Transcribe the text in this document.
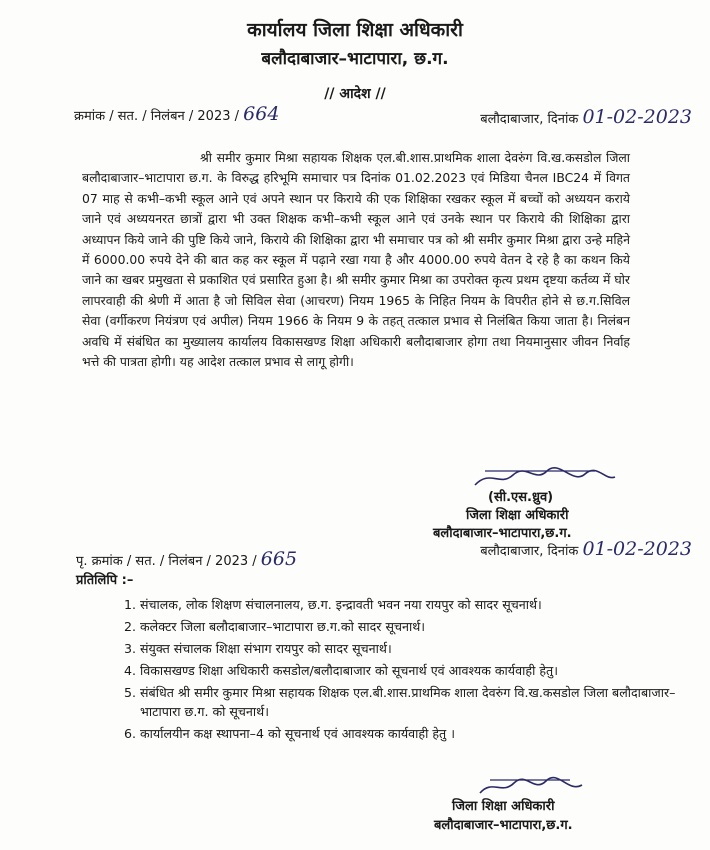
कार्यालय जिला शिक्षा अधिकारी
बलौदाबाजार–भाटापारा, छ.ग.
// आदेश //
क्रमांक / सत. / निलंबन / 2023 / 664	बलौदाबाजार, दिनांक 01-02-2023

श्री समीर कुमार मिश्रा सहायक शिक्षक एल.बी.शास.प्राथमिक शाला देवरुंग वि.ख.कसडोल जिला बलौदाबाजार–भाटापारा छ.ग. के विरुद्ध हरिभूमि समाचार पत्र दिनांक 01.02.2023 एवं मिडिया चैनल IBC24 में विगत 07 माह से कभी–कभी स्कूल आने एवं अपने स्थान पर किराये की एक शिक्षिका रखकर स्कूल में बच्चों को अध्ययन कराये जाने एवं अध्ययनरत छात्रों द्वारा भी उक्त शिक्षक कभी–कभी स्कूल आने एवं उनके स्थान पर किराये की शिक्षिका द्वारा अध्यापन किये जाने की पुष्टि किये जाने, किराये की शिक्षिका द्वारा भी समाचार पत्र को श्री समीर कुमार मिश्रा द्वारा उन्हे महिने में 6000.00 रुपये देने की बात कह कर स्कूल में पढ़ाने रखा गया है और 4000.00 रुपये वेतन दे रहे है का कथन किये जाने का खबर प्रमुखता से प्रकाशित एवं प्रसारित हुआ है। श्री समीर कुमार मिश्रा का उपरोक्त कृत्य प्रथम दृष्टया कर्तव्य में घोर लापरवाही की श्रेणी में आता है जो सिविल सेवा (आचरण) नियम 1965 के निहित नियम के विपरीत होने से छ.ग.सिविल सेवा (वर्गीकरण नियंत्रण एवं अपील) नियम 1966 के नियम 9 के तहत् तत्काल प्रभाव से निलंबित किया जाता है। निलंबन अवधि में संबंधित का मुख्यालय कार्यालय विकासखण्ड शिक्षा अधिकारी बलौदाबाजार होगा तथा नियमानुसार जीवन निर्वाह भत्ते की पात्रता होगी। यह आदेश तत्काल प्रभाव से लागू होगी।

(सी.एस.ध्रुव)
जिला शिक्षा अधिकारी
बलौदाबाजार–भाटापारा,छ.ग.
पृ. क्रमांक / सत. / निलंबन / 2023 / 665	बलौदाबाजार, दिनांक 01-02-2023
प्रतिलिपि :–
1. संचालक, लोक शिक्षण संचालनालय, छ.ग. इन्द्रावती भवन नया रायपुर को सादर सूचनार्थ।
2. कलेक्टर जिला बलौदाबाजार–भाटापारा छ.ग.को सादर सूचनार्थ।
3. संयुक्त संचालक शिक्षा संभाग रायपुर को सादर सूचनार्थ।
4. विकासखण्ड शिक्षा अधिकारी कसडोल/बलौदाबाजार को सूचनार्थ एवं आवश्यक कार्यवाही हेतु।
5. संबंधित श्री समीर कुमार मिश्रा सहायक शिक्षक एल.बी.शास.प्राथमिक शाला देवरुंग वि.ख.कसडोल जिला बलौदाबाजार–भाटापारा छ.ग. को सूचनार्थ।
6. कार्यालयीन कक्ष स्थापना–4 को सूचनार्थ एवं आवश्यक कार्यवाही हेतु ।
जिला शिक्षा अधिकारी
बलौदाबाजार–भाटापारा,छ.ग.
